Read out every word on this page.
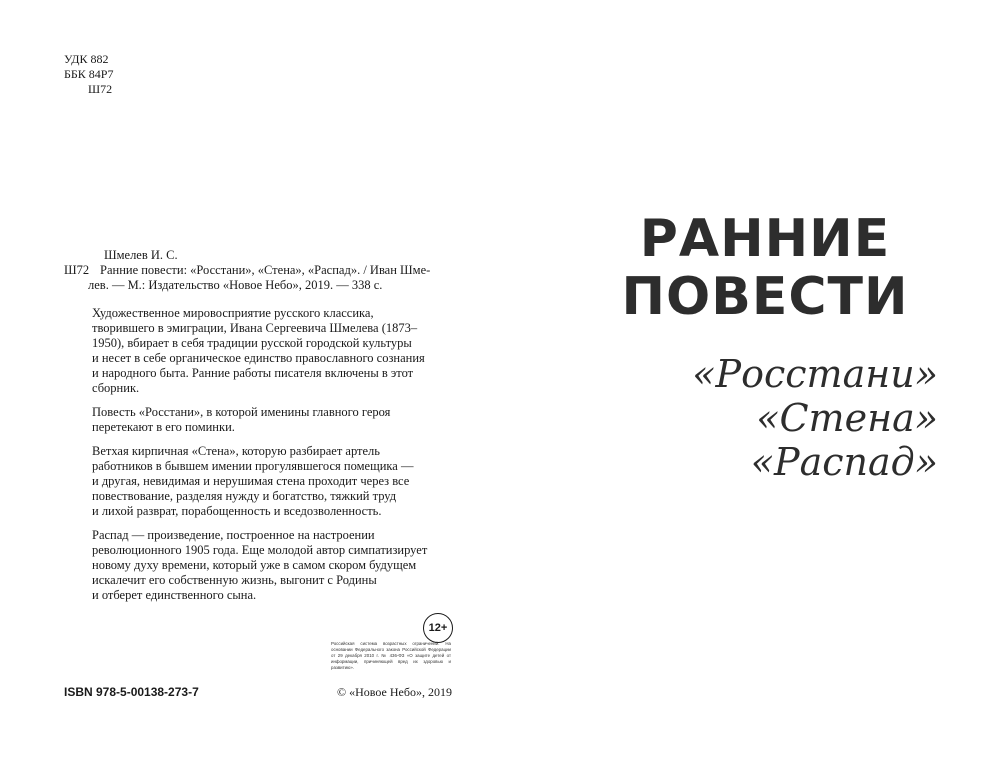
УДК 882
ББК 84Р7
Ш72
Шмелев И. С.
Ш72 Ранние повести: «Росстани», «Стена», «Распад». / Иван Шме-
лев. — М.: Издательство «Новое Небо», 2019. — 338 с.

Художественное мировосприятие русского классика,
творившего в эмиграции, Ивана Сергеевича Шмелева (1873–
1950), вбирает в себя традиции русской городской культуры
и несет в себе органическое единство православного сознания
и народного быта. Ранние работы писателя включены в этот
сборник.

Повесть «Росстани», в которой именины главного героя
перетекают в его поминки.

Ветхая кирпичная «Стена», которую разбирает артель
работников в бывшем имении прогулявшегося помещика —
и другая, невидимая и нерушимая стена проходит через все
повествование, разделяя нужду и богатство, тяжкий труд
и лихой разврат, порабощенность и вседозволенность.

Распад — произведение, построенное на настроении
революционного 1905 года. Еще молодой автор симпатизирует
новому духу времени, который уже в самом скором будущем
искалечит его собственную жизнь, выгонит с Родины
и отберет единственного сына.

12+
Российская система возрастных ограничений. На основании Федерального закона Российской Федерации от 29 декабря 2010 г. № 436-ФЗ «О защите детей от информации, причиняющей вред их здоровью и развитию».
ISBN 978-5-00138-273-7	© «Новое Небо», 2019
РАННИЕ
ПОВЕСТИ
«Росстани»
«Стена»
«Распад»
